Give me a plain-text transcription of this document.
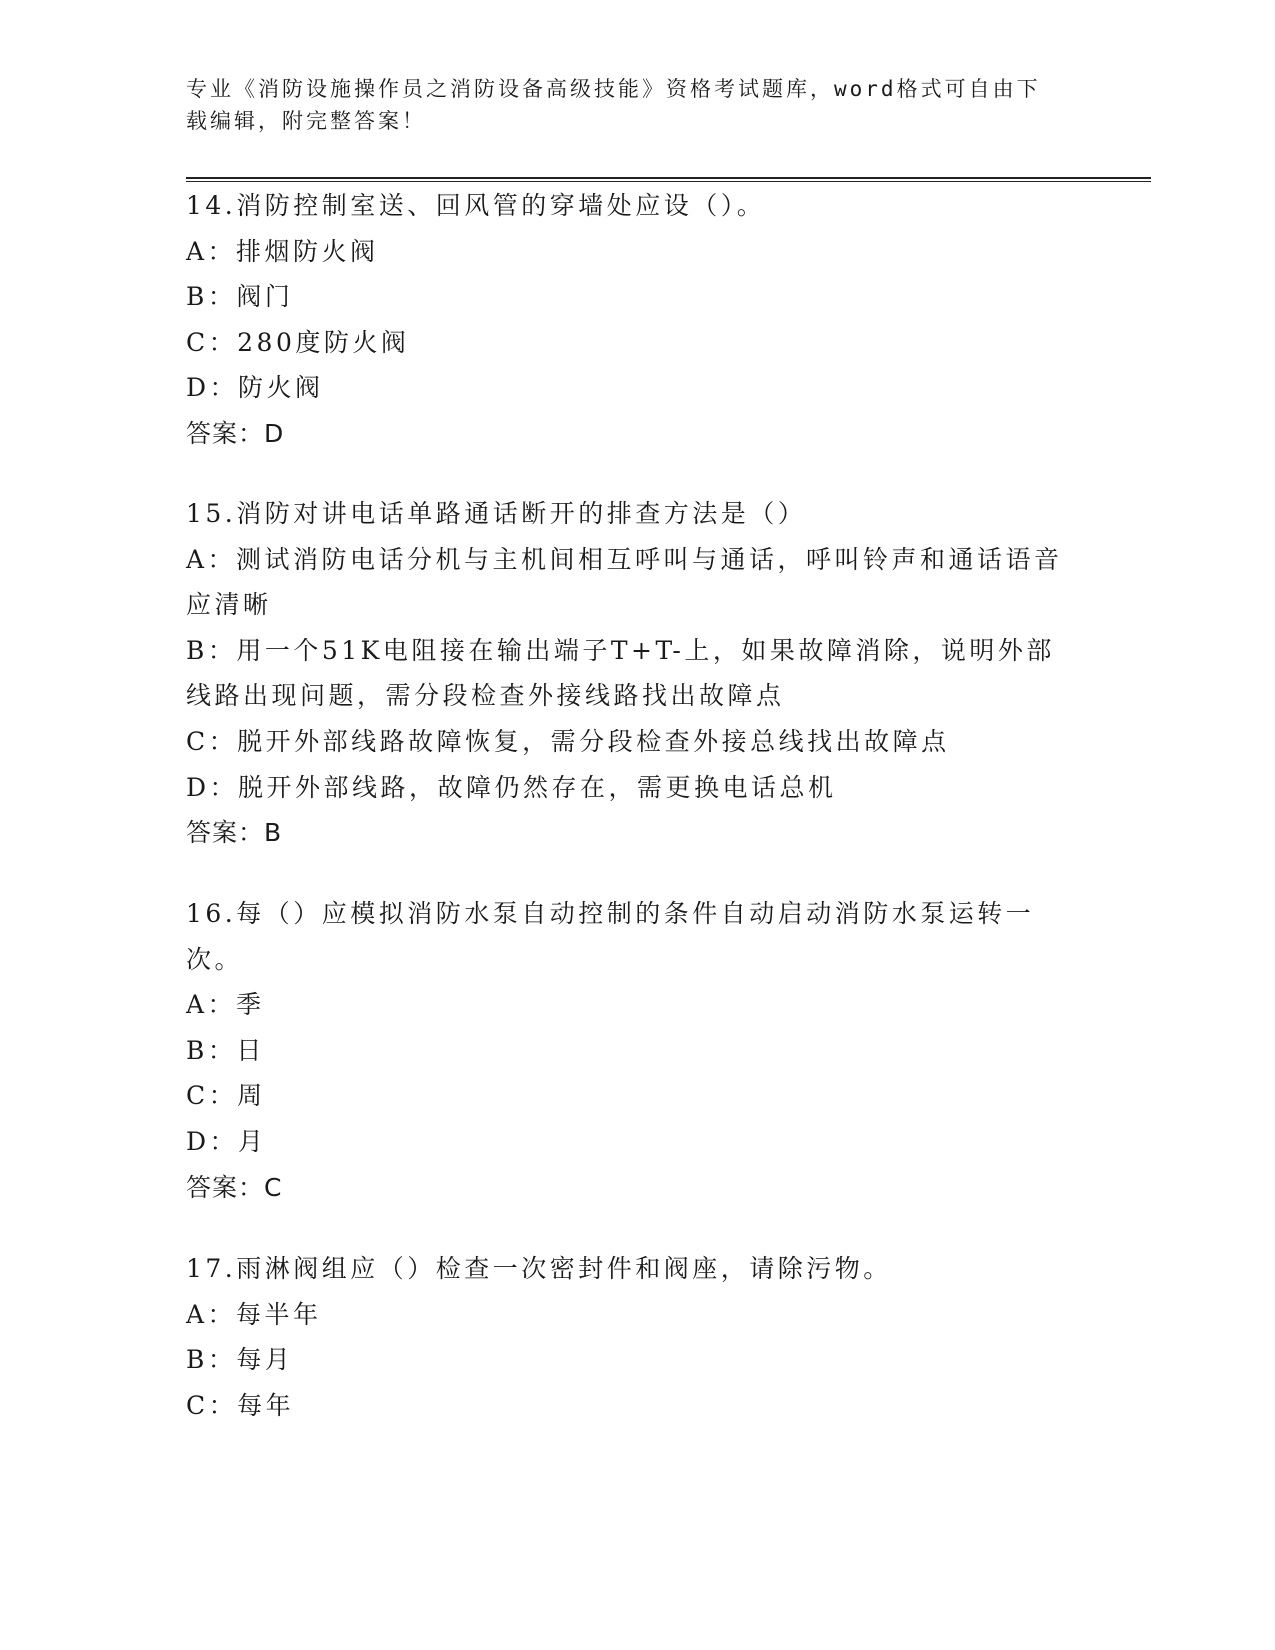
专业《消防设施操作员之消防设备高级技能》资格考试题库，word格式可自由下
载编辑，附完整答案！

14.消防控制室送、回风管的穿墙处应设（）。

A：排烟防火阀

B：阀门

C：280度防火阀

D：防火阀

答案：D

15.消防对讲电话单路通话断开的排查方法是（）

A：测试消防电话分机与主机间相互呼叫与通话，呼叫铃声和通话语音应清晰

B：用一个51K电阻接在输出端子T+T-上，如果故障消除，说明外部线路出现问题，需分段检查外接线路找出故障点

C：脱开外部线路故障恢复，需分段检查外接总线找出故障点

D：脱开外部线路，故障仍然存在，需更换电话总机

答案：B

16.每（）应模拟消防水泵自动控制的条件自动启动消防水泵运转一次。

A：季

B：日

C：周

D：月

答案：C

17.雨淋阀组应（）检查一次密封件和阀座，请除污物。

A：每半年

B：每月

C：每年
